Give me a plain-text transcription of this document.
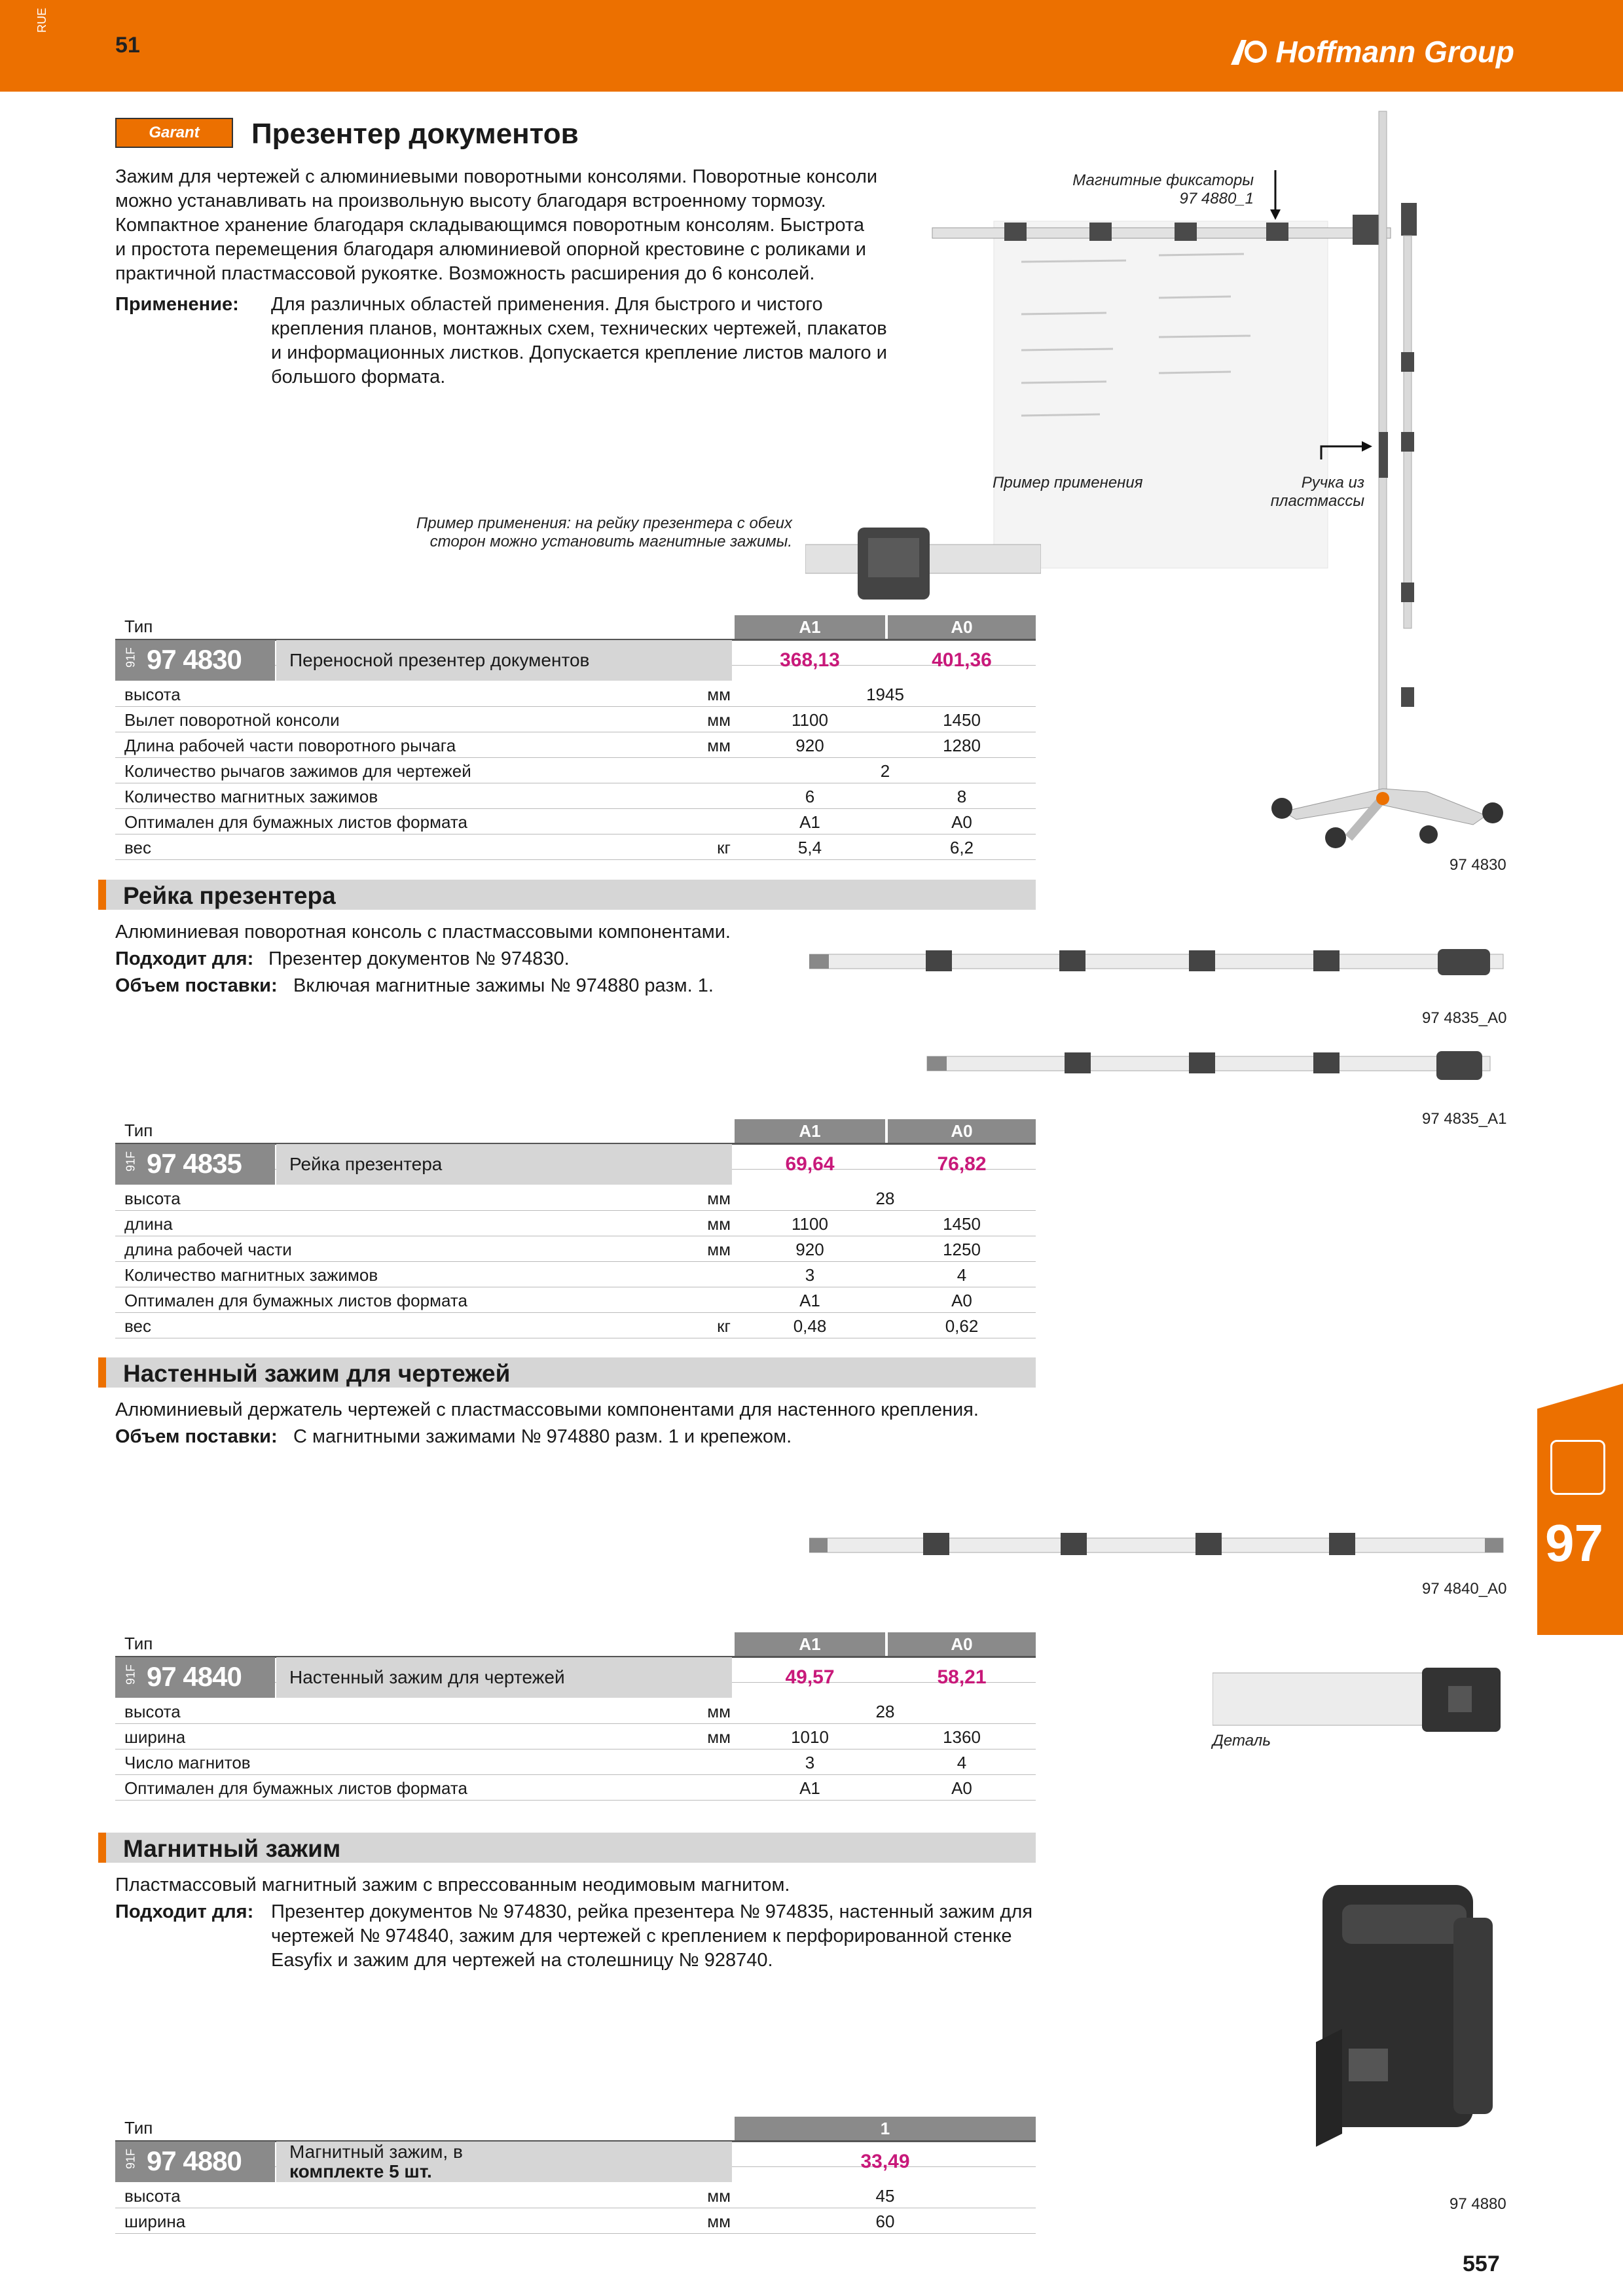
RUE
51	Hoffmann Group
Garant	Презентер документов
Зажим для чертежей с алюминиевыми поворотными консолями. Поворотные консоли
можно устанавливать на произвольную высоту благодаря встроенному тормозу.
Компактное хранение благодаря складывающимся поворотным консолям. Быстрота
и простота перемещения благодаря алюминиевой опорной крестовине с роликами и
практичной пластмассовой рукоятке. Возможность расширения до 6 консолей.
Применение: Для различных областей применения. Для быстрого и чистого
крепления планов, монтажных схем, технических чертежей, плакатов
и информационных листков. Допускается крепление листов малого и
большого формата.
Магнитные фиксаторы
97 4880_1
Пример применения	Ручка из
пластмассы
97 4830
Пример применения: на рейку презентера с обеих
сторон можно установить магнитные зажимы.
Тип	A1	A0
91F 97 4830	Переносной презентер документов	368,13	401,36
высота	мм	1945
Вылет поворотной консоли	мм	1100	1450
Длина рабочей части поворотного рычага	мм	920	1280
Количество рычагов зажимов для чертежей	2
Количество магнитных зажимов	6	8
Оптимален для бумажных листов формата	A1	A0
вес	кг	5,4	6,2
Рейка презентера
Алюминиевая поворотная консоль с пластмассовыми компонентами.
Подходит для: Презентер документов № 974830.
Объем поставки: Включая магнитные зажимы № 974880 разм. 1.
97 4835_A0
97 4835_A1
Тип	A1	A0
91F 97 4835	Рейка презентера	69,64	76,82
высота	мм	28
длина	мм	1100	1450
длина рабочей части	мм	920	1250
Количество магнитных зажимов	3	4
Оптимален для бумажных листов формата	A1	A0
вес	кг	0,48	0,62
Настенный зажим для чертежей
Алюминиевый держатель чертежей с пластмассовыми компонентами для настенного крепления.
Объем поставки: С магнитными зажимами № 974880 разм. 1 и крепежом.
97 4840_A0
Деталь
Тип	A1	A0
91F 97 4840	Настенный зажим для чертежей	49,57	58,21
высота	мм	28
ширина	мм	1010	1360
Число магнитов	3	4
Оптимален для бумажных листов формата	A1	A0
Магнитный зажим
Пластмассовый магнитный зажим с впрессованным неодимовым магнитом.
Подходит для: Презентер документов № 974830, рейка презентера № 974835, настенный зажим для
чертежей № 974840, зажим для чертежей с креплением к перфорированной стенке
Easyfix и зажим для чертежей на столешницу № 928740.
97 4880
Тип	1
91F 97 4880	Магнитный зажим, в
комплекте 5 шт.	33,49
высота	мм	45
ширина	мм	60
97
557
